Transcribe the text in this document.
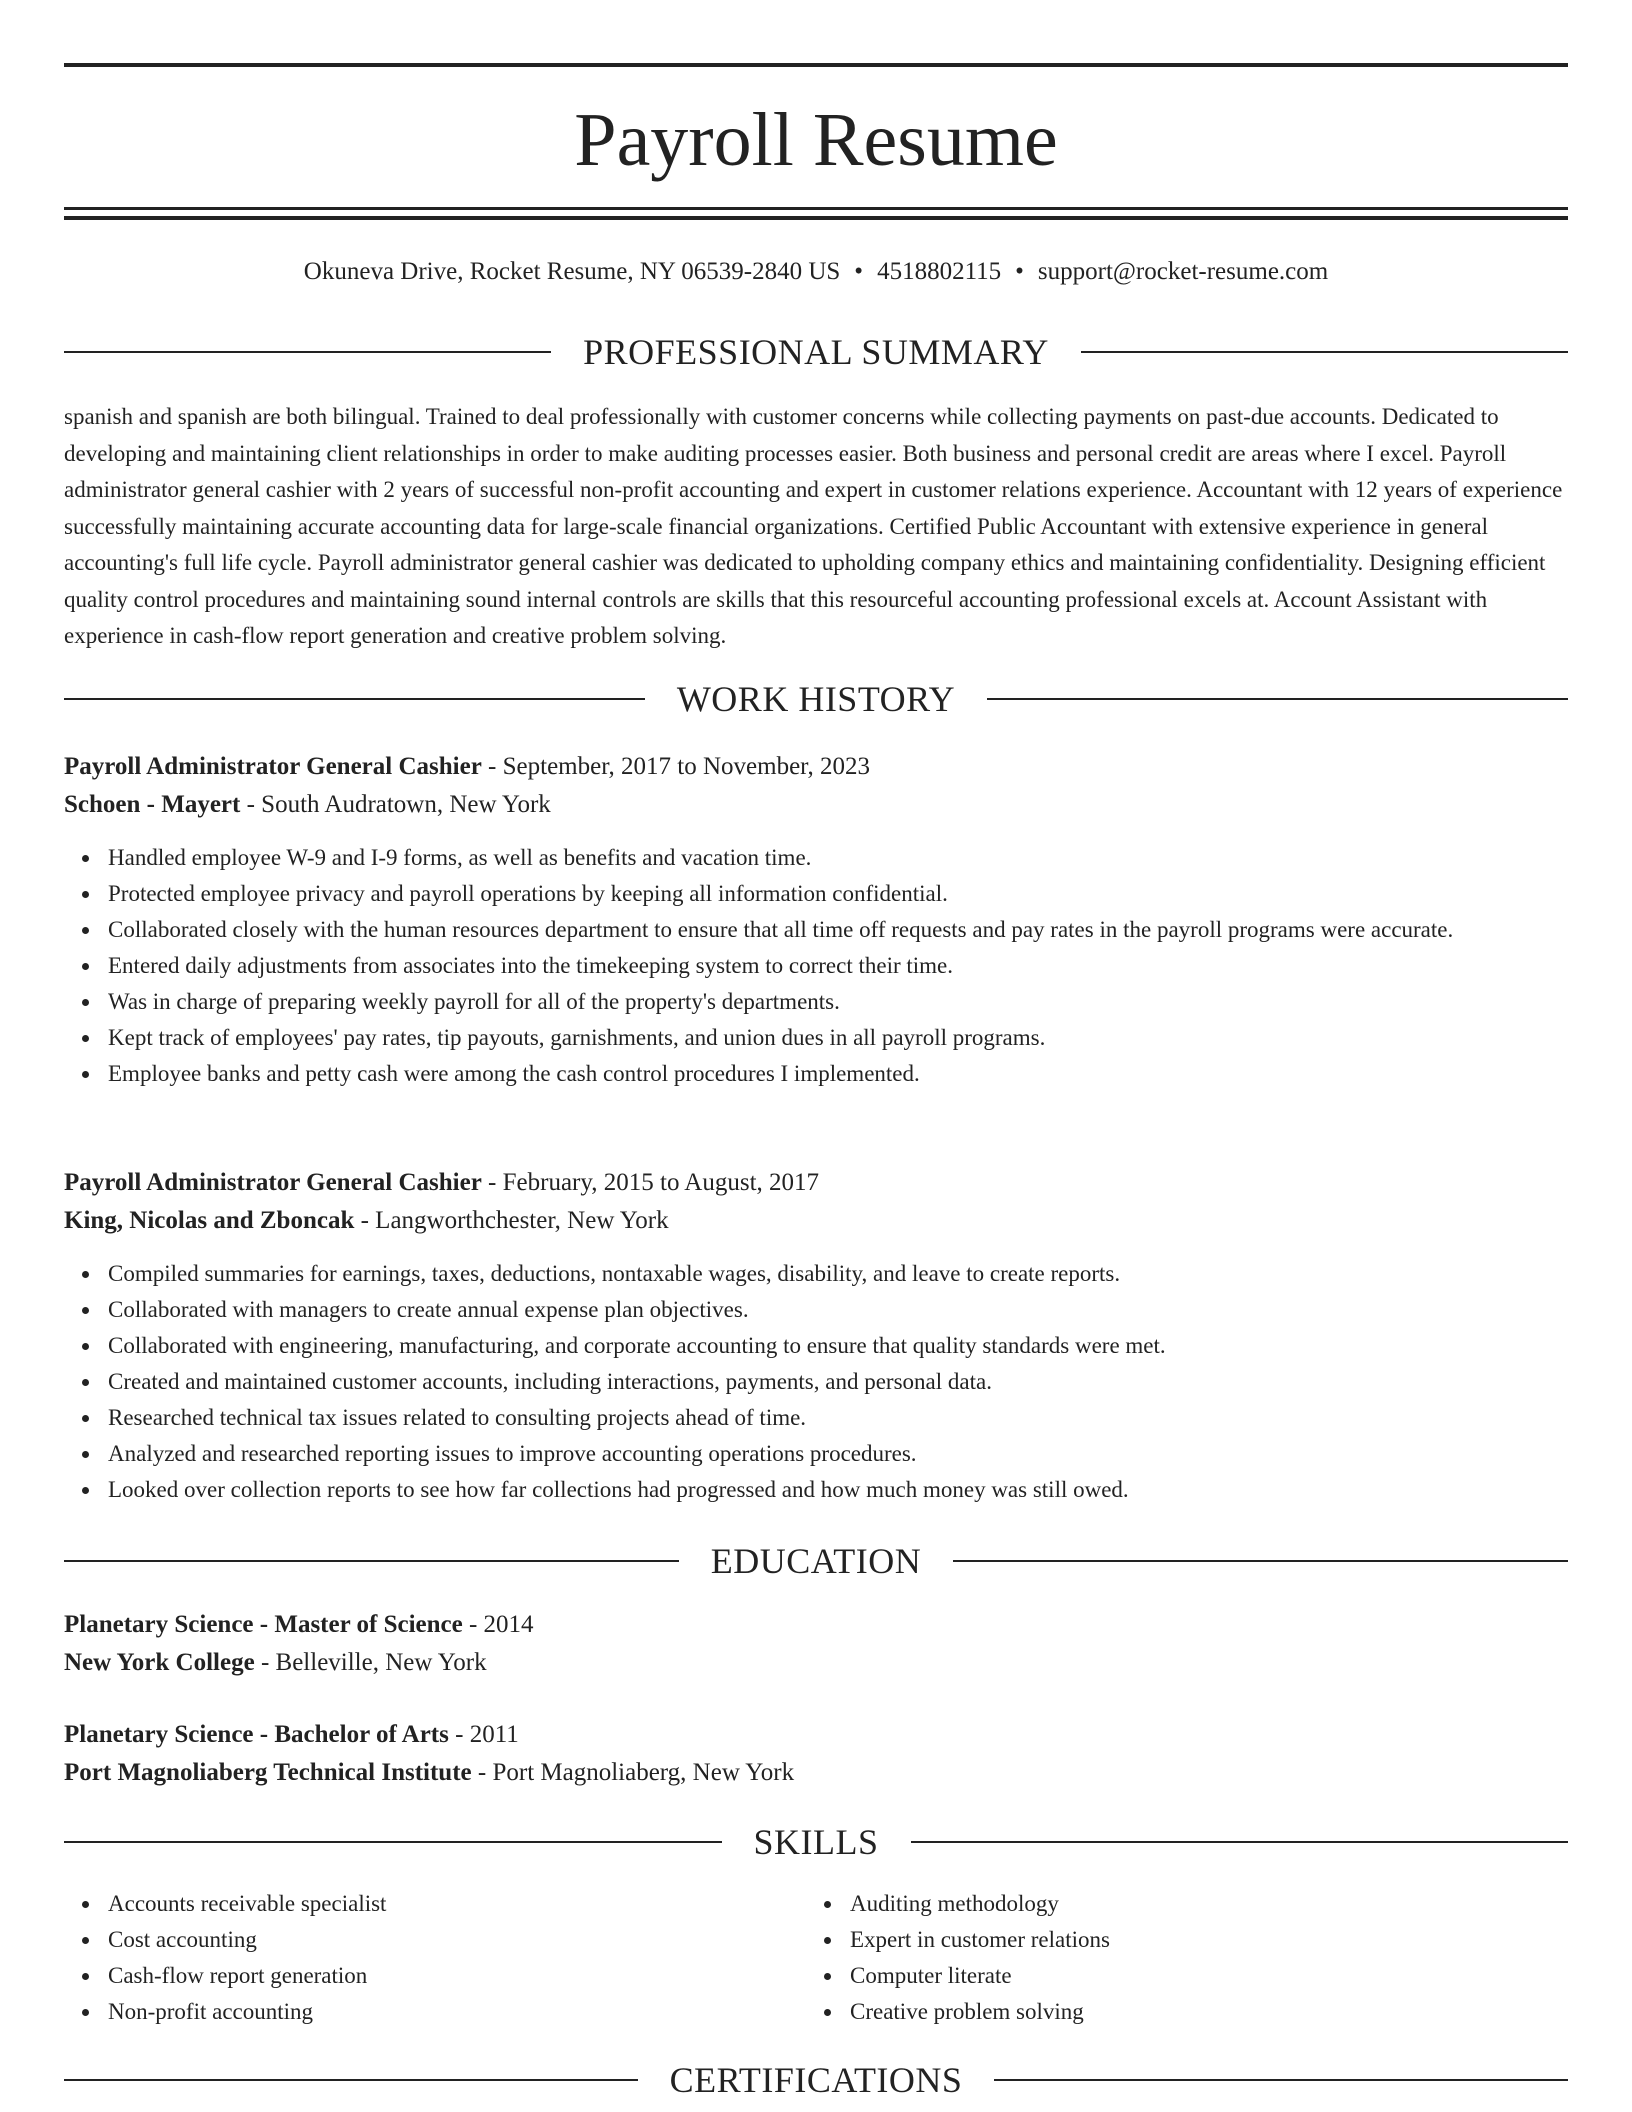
Payroll Resume
Okuneva Drive, Rocket Resume, NY 06539-2840 US • 4518802115 • support@rocket-resume.com
PROFESSIONAL SUMMARY

spanish and spanish are both bilingual. Trained to deal professionally with customer concerns while collecting payments on past-due accounts. Dedicated to developing and maintaining client relationships in order to make auditing processes easier. Both business and personal credit are areas where I excel. Payroll administrator general cashier with 2 years of successful non-profit accounting and expert in customer relations experience. Accountant with 12 years of experience successfully maintaining accurate accounting data for large-scale financial organizations. Certified Public Accountant with extensive experience in general accounting's full life cycle. Payroll administrator general cashier was dedicated to upholding company ethics and maintaining confidentiality. Designing efficient quality control procedures and maintaining sound internal controls are skills that this resourceful accounting professional excels at. Account Assistant with experience in cash-flow report generation and creative problem solving.

WORK HISTORY
Payroll Administrator General Cashier - September, 2017 to November, 2023
Schoen - Mayert - South Audratown, New York
Handled employee W-9 and I-9 forms, as well as benefits and vacation time.
Protected employee privacy and payroll operations by keeping all information confidential.
Collaborated closely with the human resources department to ensure that all time off requests and pay rates in the payroll programs were accurate.
Entered daily adjustments from associates into the timekeeping system to correct their time.
Was in charge of preparing weekly payroll for all of the property's departments.
Kept track of employees' pay rates, tip payouts, garnishments, and union dues in all payroll programs.
Employee banks and petty cash were among the cash control procedures I implemented.
Payroll Administrator General Cashier - February, 2015 to August, 2017
King, Nicolas and Zboncak - Langworthchester, New York
Compiled summaries for earnings, taxes, deductions, nontaxable wages, disability, and leave to create reports.
Collaborated with managers to create annual expense plan objectives.
Collaborated with engineering, manufacturing, and corporate accounting to ensure that quality standards were met.
Created and maintained customer accounts, including interactions, payments, and personal data.
Researched technical tax issues related to consulting projects ahead of time.
Analyzed and researched reporting issues to improve accounting operations procedures.
Looked over collection reports to see how far collections had progressed and how much money was still owed.
EDUCATION
Planetary Science - Master of Science - 2014
New York College - Belleville, New York
Planetary Science - Bachelor of Arts - 2011
Port Magnoliaberg Technical Institute - Port Magnoliaberg, New York
SKILLS
Accounts receivable specialist
Cost accounting
Cash-flow report generation
Non-profit accounting
Auditing methodology
Expert in customer relations
Computer literate
Creative problem solving
CERTIFICATIONS
